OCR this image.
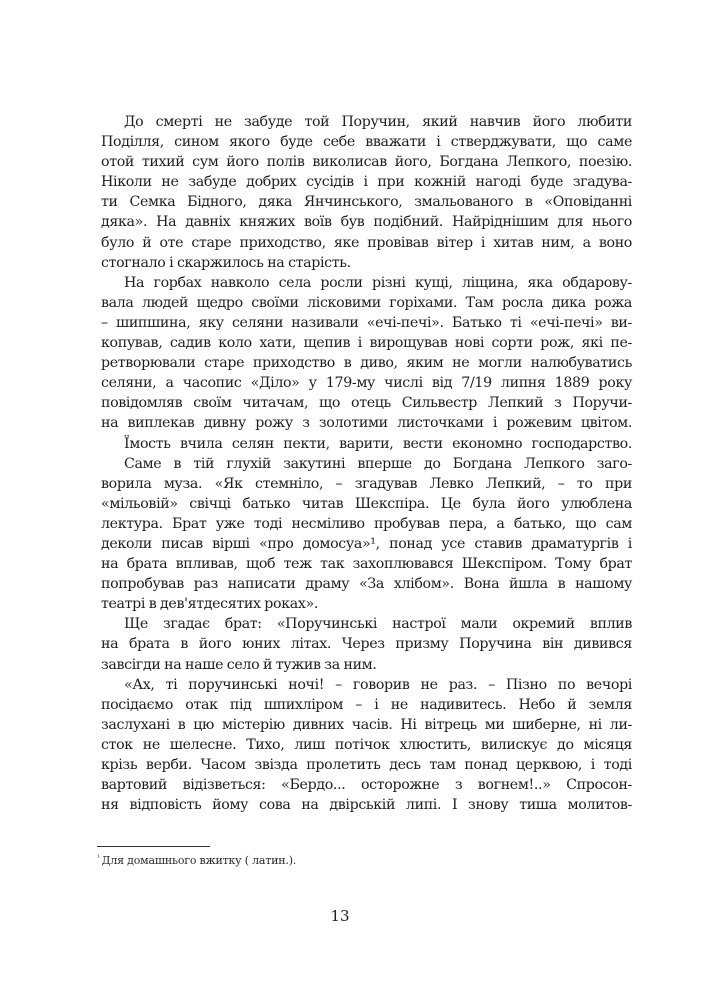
До смерті не забуде той Поручин, який навчив його любити
Поділля, сином якого буде себе вважати і стверджувати, що саме
отой тихий сум його полів виколисав його, Богдана Лепкого, поезію.
Ніколи не забуде добрих сусідів і при кожній нагоді буде згадува-
ти Семка Бідного, дяка Янчинського, змальованого в «Оповіданні
дяка». На давніх княжих воїв був подібний. Найріднішим для нього
було й оте старе приходство, яке провівав вітер і хитав ним, а воно
стогнало і скаржилось на старість.
На горбах навколо села росли різні кущі, ліщина, яка обдарову-
вала людей щедро своїми лісковими горіхами. Там росла дика рожа
– шипшина, яку селяни називали «ечі-печі». Батько ті «ечі-печі» ви-
копував, садив коло хати, щепив і вирощував нові сорти рож, які пе-
ретворювали старе приходство в диво, яким не могли налюбуватись
селяни, а часопис «Діло» у 179-му числі від 7/19 липня 1889 року
повідомляв своїм читачам, що отець Сильвестр Лепкий з Поручи-
на виплекав дивну рожу з золотими листочками і рожевим цвітом.
Їмость вчила селян пекти, варити, вести економно господарство.
Саме в тій глухій закутині вперше до Богдана Лепкого заго-
ворила муза. «Як стемніло, – згадував Левко Лепкий, – то при
«мільовій» свічці батько читав Шекспіра. Це була його улюблена
лектура. Брат уже тоді несміливо пробував пера, а батько, що сам
деколи писав вірші «про домосуа»¹, понад усе ставив драматургів і
на брата впливав, щоб теж так захоплювався Шекспіром. Тому брат
попробував раз написати драму «За хлібом». Вона йшла в нашому
театрі в дев'ятдесятих роках».
Ще згадає брат: «Поручинські настрої мали окремий вплив
на брата в його юних літах. Через призму Поручина він дивився
завсігди на наше село й тужив за ним.
«Ах, ті поручинські ночі! – говорив не раз. – Пізно по вечорі
посідаємо отак під шпихліром – і не надивитесь. Небо й земля
заслухані в цю містерію дивних часів. Ні вітрець ми шиберне, ні ли-
сток не шелесне. Тихо, лиш потічок хлюстить, вилискує до місяця
крізь верби. Часом звізда пролетить десь там понад церквою, і тоді
вартовий відізветься: «Бердо... осторожне з вогнем!..» Спросон-
ня відповість йому сова на двірській липі. І знову тиша молитов-
$^{^1}$ Для домашнього вжитку ( латин.).
13
